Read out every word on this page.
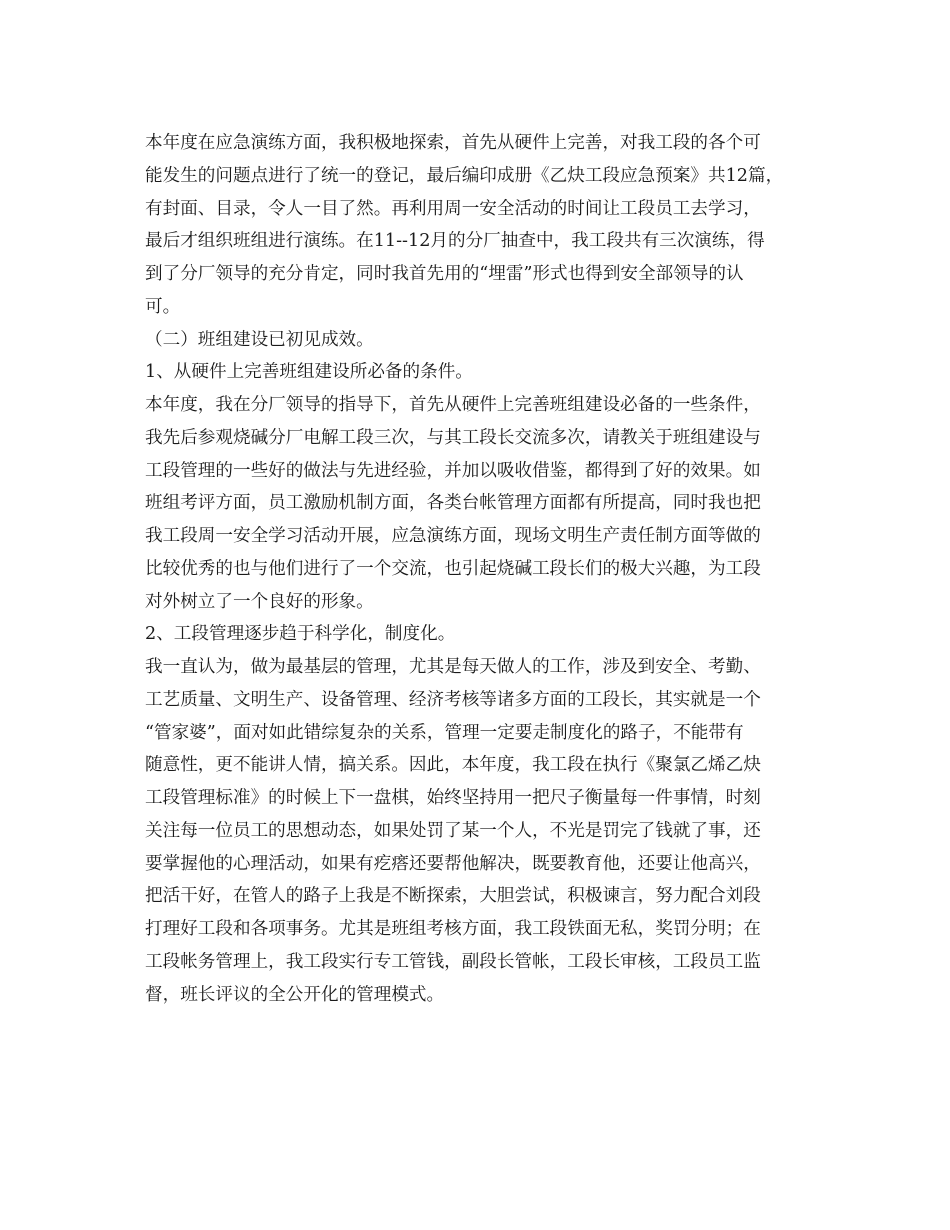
本年度在应急演练方面，我积极地探索，首先从硬件上完善，对我工段的各个可
能发生的问题点进行了统一的登记，最后编印成册《乙炔工段应急预案》共12篇，
有封面、目录，令人一目了然。再利用周一安全活动的时间让工段员工去学习，
最后才组织班组进行演练。在11--12月的分厂抽查中，我工段共有三次演练，得
到了分厂领导的充分肯定，同时我首先用的“埋雷”形式也得到安全部领导的认
可。
（二）班组建设已初见成效。
1、从硬件上完善班组建设所必备的条件。
本年度，我在分厂领导的指导下，首先从硬件上完善班组建设必备的一些条件，
我先后参观烧碱分厂电解工段三次，与其工段长交流多次，请教关于班组建设与
工段管理的一些好的做法与先进经验，并加以吸收借鉴，都得到了好的效果。如
班组考评方面，员工激励机制方面，各类台帐管理方面都有所提高，同时我也把
我工段周一安全学习活动开展，应急演练方面，现场文明生产责任制方面等做的
比较优秀的也与他们进行了一个交流，也引起烧碱工段长们的极大兴趣，为工段
对外树立了一个良好的形象。
2、工段管理逐步趋于科学化，制度化。
我一直认为，做为最基层的管理，尤其是每天做人的工作，涉及到安全、考勤、
工艺质量、文明生产、设备管理、经济考核等诸多方面的工段长，其实就是一个
“管家婆”，面对如此错综复杂的关系，管理一定要走制度化的路子，不能带有
随意性，更不能讲人情，搞关系。因此，本年度，我工段在执行《聚氯乙烯乙炔
工段管理标准》的时候上下一盘棋，始终坚持用一把尺子衡量每一件事情，时刻
关注每一位员工的思想动态，如果处罚了某一个人，不光是罚完了钱就了事，还
要掌握他的心理活动，如果有疙瘩还要帮他解决，既要教育他，还要让他高兴，
把活干好，在管人的路子上我是不断探索，大胆尝试，积极谏言，努力配合刘段
打理好工段和各项事务。尤其是班组考核方面，我工段铁面无私，奖罚分明；在
工段帐务管理上，我工段实行专工管钱，副段长管帐，工段长审核，工段员工监
督，班长评议的全公开化的管理模式。
